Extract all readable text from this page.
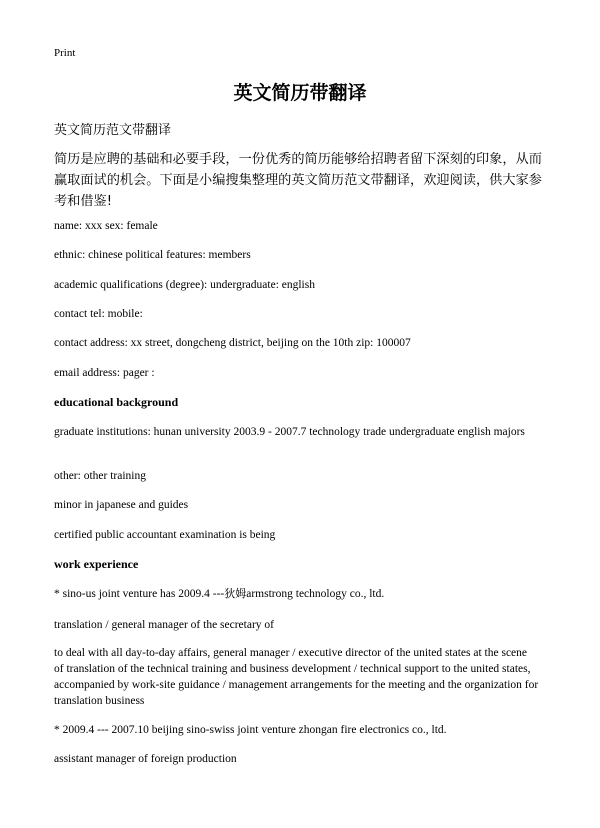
Print
英文简历带翻译
英文简历范文带翻译
简历是应聘的基础和必要手段，一份优秀的简历能够给招聘者留下深刻的印象，从而赢取面试的机会。下面是小编搜集整理的英文简历范文带翻译，欢迎阅读，供大家参考和借鉴!
name: xxx sex: female
ethnic: chinese political features: members
academic qualifications (degree): undergraduate: english
contact tel: mobile:
contact address: xx street, dongcheng district, beijing on the 10th zip: 100007
email address: pager :
educational background
graduate institutions: hunan university 2003.9 - 2007.7 technology trade undergraduate english majors
other: other training
minor in japanese and guides
certified public accountant examination is being
work experience
* sino-us joint venture has 2009.4 ---狄姆armstrong technology co., ltd.
translation / general manager of the secretary of
to deal with all day-to-day affairs, general manager / executive director of the united states at the scene of translation of the technical training and business development / technical support to the united states, accompanied by work-site guidance / management arrangements for the meeting and the organization for translation business
* 2009.4 --- 2007.10 beijing sino-swiss joint venture zhongan fire electronics co., ltd.
assistant manager of foreign production
